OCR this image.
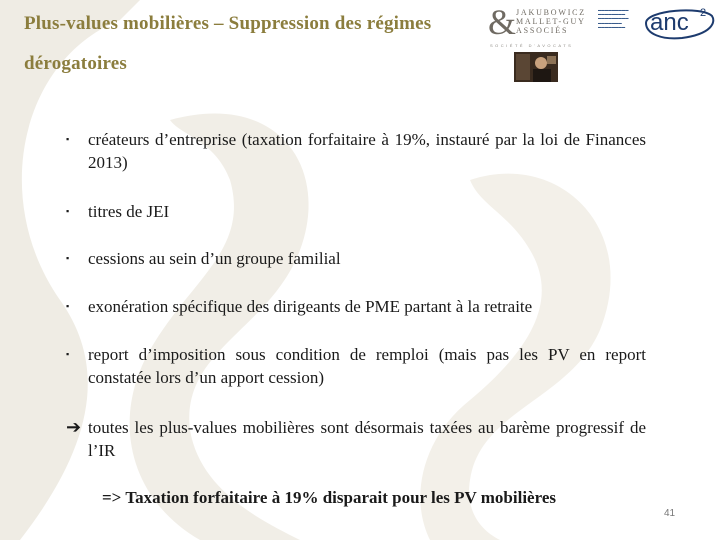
Plus-values mobilières – Suppression des régimes dérogatoires
& JAKUBOWICZ
MALLET-GUY
ASSOCIÉS
SOCIÉTÉ D'AVOCATS
▬▬▬▬▬▬▬▬▬
▬▬▬▬▬▬▬▬
▬▬▬▬▬▬▬▬▬
▬▬▬▬▬▬▬
▬▬▬▬▬▬▬▬	anc 2
▪ créateurs d’entreprise (taxation forfaitaire à 19%, instauré par la loi de Finances 2013)
▪ titres de JEI
▪ cessions au sein d’un groupe familial
▪ exonération spécifique des dirigeants de PME partant à la retraite
▪ report d’imposition sous condition de remploi (mais pas les PV en report constatée lors d’un apport cession)
➔ toutes les plus-values mobilières sont désormais taxées au barème progressif de l’IR
=> Taxation forfaitaire à 19% disparait pour les PV mobilières
41
